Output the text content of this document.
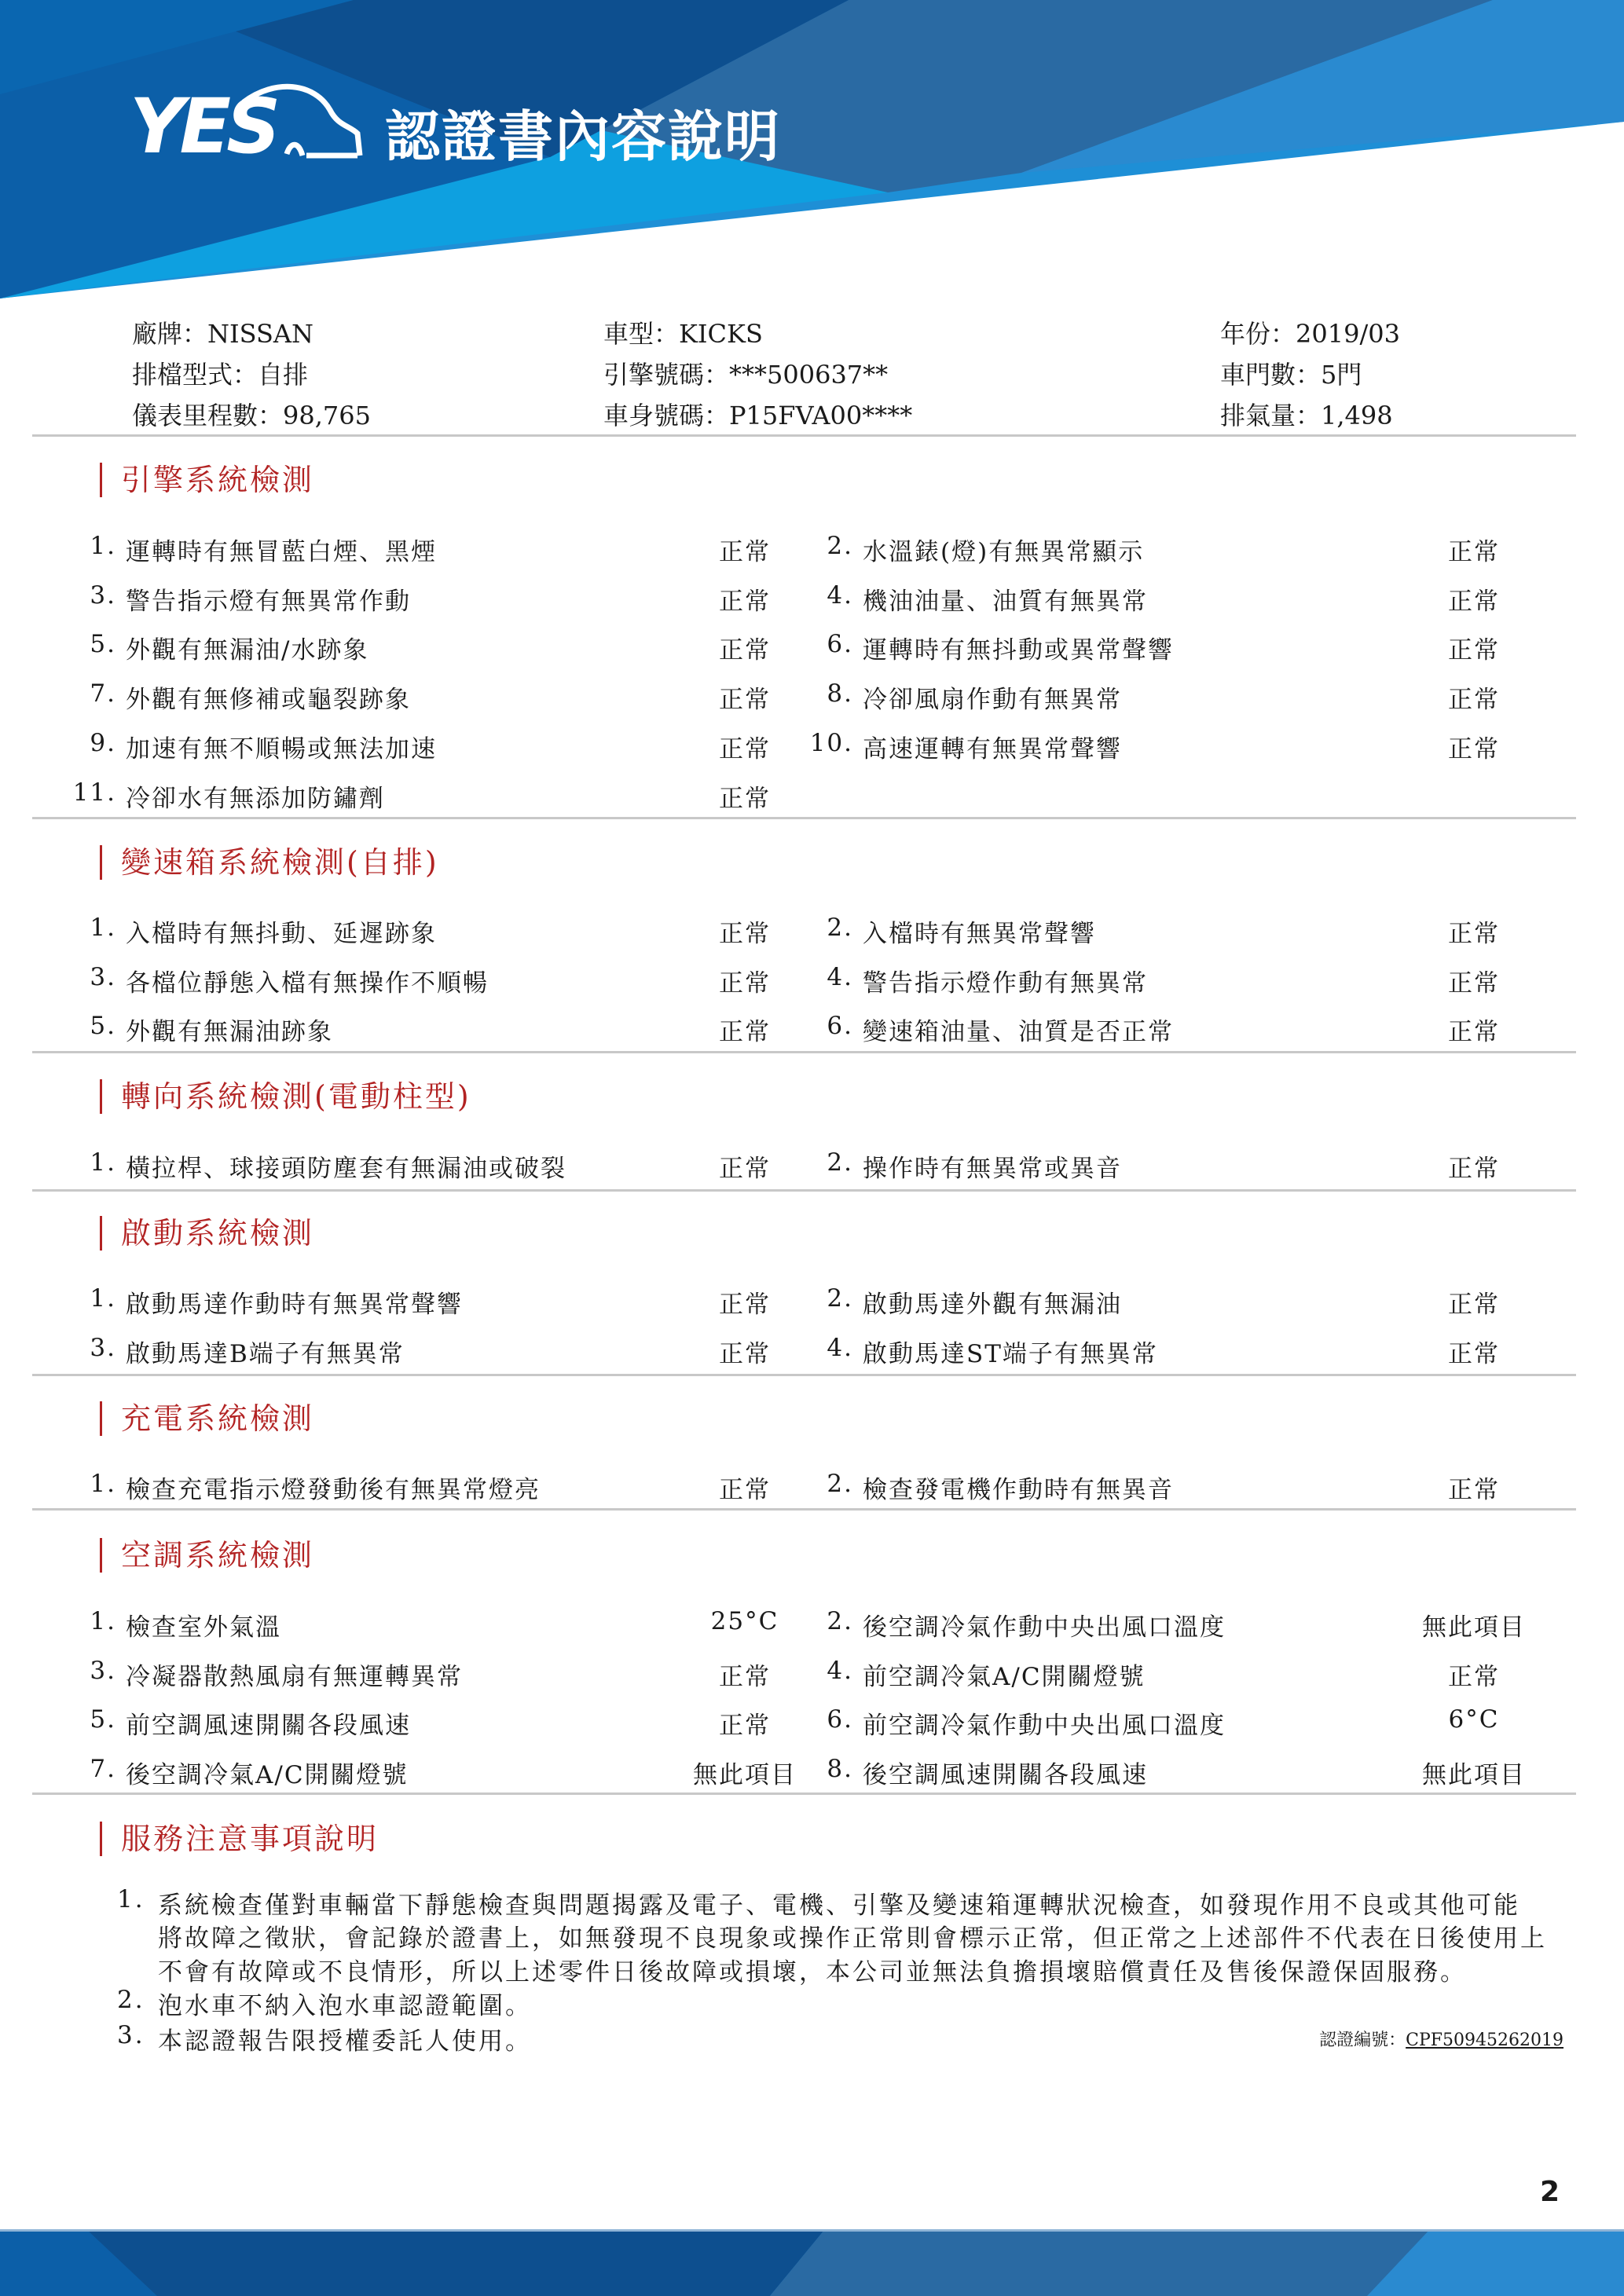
YES 認證書內容說明
廠牌：NISSAN	車型：KICKS	年份：2019/03
排檔型式：自排	引擎號碼：***500637**	車門數：5門
儀表里程數：98,765	車身號碼：P15FVA00****	排氣量：1,498
引擎系統檢測
1. 運轉時有無冒藍白煙、黑煙	正常	2. 水溫錶(燈)有無異常顯示	正常
3. 警告指示燈有無異常作動	正常	4. 機油油量、油質有無異常	正常
5. 外觀有無漏油/水跡象	正常	6. 運轉時有無抖動或異常聲響	正常
7. 外觀有無修補或龜裂跡象	正常	8. 冷卻風扇作動有無異常	正常
9. 加速有無不順暢或無法加速	正常	10. 高速運轉有無異常聲響	正常
11. 冷卻水有無添加防鏽劑	正常
變速箱系統檢測(自排)
1. 入檔時有無抖動、延遲跡象	正常	2. 入檔時有無異常聲響	正常
3. 各檔位靜態入檔有無操作不順暢	正常	4. 警告指示燈作動有無異常	正常
5. 外觀有無漏油跡象	正常	6. 變速箱油量、油質是否正常	正常
轉向系統檢測(電動柱型)
1. 橫拉桿、球接頭防塵套有無漏油或破裂	正常	2. 操作時有無異常或異音	正常
啟動系統檢測
1. 啟動馬達作動時有無異常聲響	正常	2. 啟動馬達外觀有無漏油	正常
3. 啟動馬達B端子有無異常	正常	4. 啟動馬達ST端子有無異常	正常
充電系統檢測
1. 檢查充電指示燈發動後有無異常燈亮	正常	2. 檢查發電機作動時有無異音	正常
空調系統檢測
1. 檢查室外氣溫	25°C	2. 後空調冷氣作動中央出風口溫度	無此項目
3. 冷凝器散熱風扇有無運轉異常	正常	4. 前空調冷氣A/C開關燈號	正常
5. 前空調風速開關各段風速	正常	6. 前空調冷氣作動中央出風口溫度	6°C
7. 後空調冷氣A/C開關燈號	無此項目	8. 後空調風速開關各段風速	無此項目
服務注意事項說明
1. 系統檢查僅對車輛當下靜態檢查與問題揭露及電子、電機、引擎及變速箱運轉狀況檢查，如發現作用不良或其他可能
將故障之徵狀，會記錄於證書上，如無發現不良現象或操作正常則會標示正常，但正常之上述部件不代表在日後使用上
不會有故障或不良情形，所以上述零件日後故障或損壞，本公司並無法負擔損壞賠償責任及售後保證保固服務。
2. 泡水車不納入泡水車認證範圍。
3. 本認證報告限授權委託人使用。	認證編號：CPF50945262019
2
